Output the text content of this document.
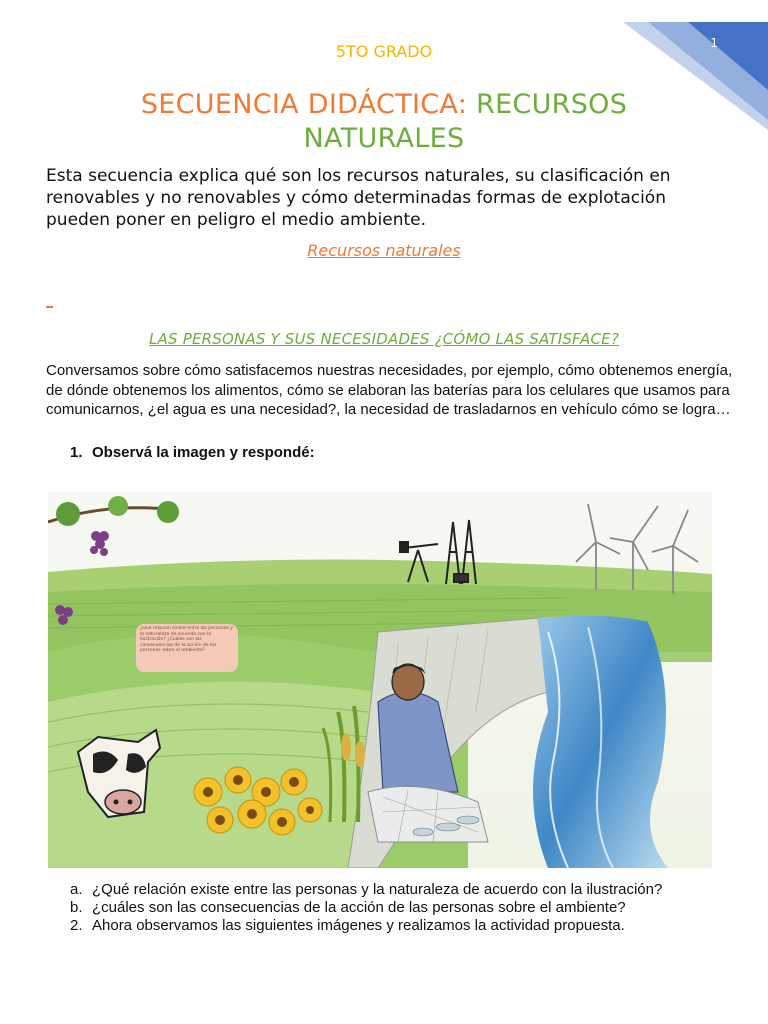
1
5TO GRADO
SECUENCIA DIDÁCTICA: RECURSOS NATURALES
Esta secuencia explica qué son los recursos naturales, su clasificación en renovables y no renovables y cómo determinadas formas de explotación pueden poner en peligro el medio ambiente.
Recursos naturales
LAS PERSONAS Y SUS NECESIDADES ¿CÓMO LAS SATISFACE?
Conversamos sobre cómo satisfacemos nuestras necesidades, por ejemplo, cómo obtenemos energía, de dónde obtenemos los alimentos, cómo se elaboran las baterías para los celulares que usamos para comunicarnos, ¿el agua es una necesidad?, la necesidad de trasladarnos en vehículo cómo se logra…
1. Observá la imagen y respondé:
¿Qué relación existe entre las personas y la naturaleza de acuerdo con la ilustración? ¿Cuáles son las consecuencias de la acción de las personas sobre el ambiente?
a. ¿Qué relación existe entre las personas y la naturaleza de acuerdo con la ilustración?
b. ¿cuáles son las consecuencias de la acción de las personas sobre el ambiente?
2. Ahora observamos las siguientes imágenes y realizamos la actividad propuesta.
